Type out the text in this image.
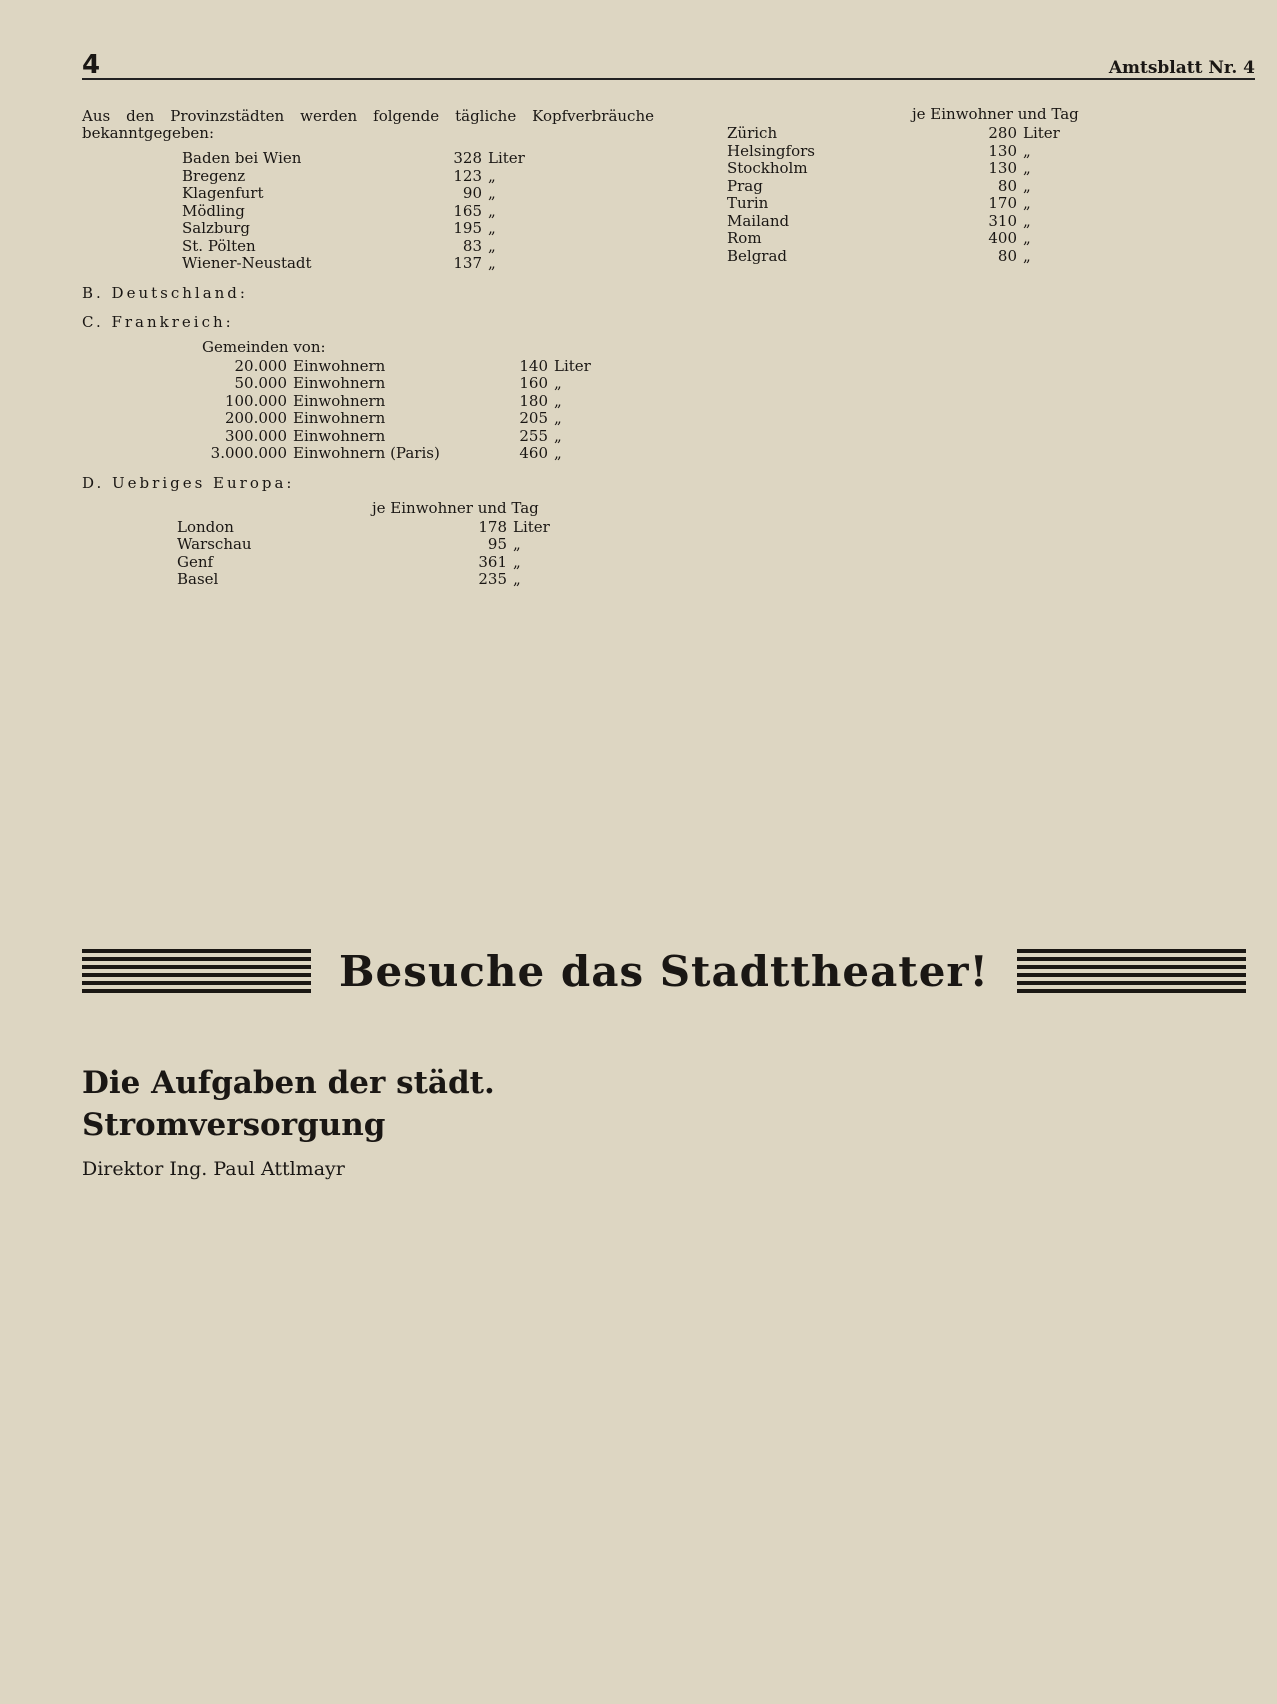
4	Amtsblatt Nr. 4

Aus den Provinzstädten werden folgende tägliche Kopfverbräuche bekanntgegeben:

Baden bei Wien	328	Liter
Bregenz	123	„
Klagenfurt	90	„
Mödling	165	„
Salzburg	195	„
St. Pölten	83	„
Wiener-Neustadt	137	„
B. Deutschland:
C. Frankreich:
Gemeinden von:
20.000	Einwohnern	140	Liter
50.000	Einwohnern	160	„
100.000	Einwohnern	180	„
200.000	Einwohnern	205	„
300.000	Einwohnern	255	„
3.000.000	Einwohnern (Paris)	460	„
D. Uebriges Europa:
je Einwohner und Tag
London	178	Liter
Warschau	95	„
Genf	361	„
Basel	235	„
je Einwohner und Tag
Zürich	280	Liter
Helsingfors	130	„
Stockholm	130	„
Prag	80	„
Turin	170	„
Mailand	310	„
Rom	400	„
Belgrad	80	„
Besuche das Stadttheater!
Die Aufgaben der städt. Stromversorgung
Direktor Ing. Paul Attlmayr
